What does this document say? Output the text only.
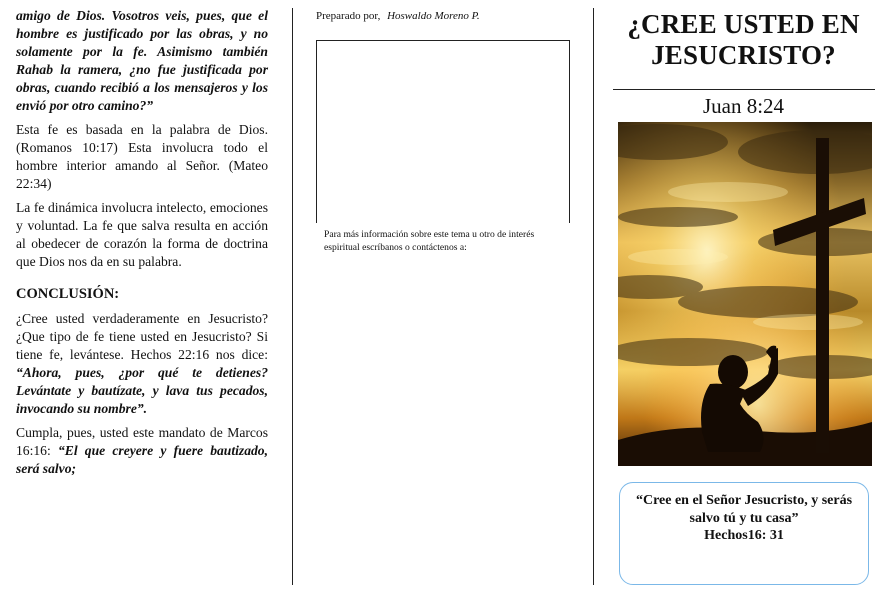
amigo de Dios. Vosotros veis, pues, que el hombre es justificado por las obras, y no solamente por la fe. Asimismo también Rahab la ramera, ¿no fue justificada por obras, cuando recibió a los mensajeros y los envió por otro camino?”

Esta fe es basada en la palabra de Dios. (Romanos 10:17) Esta involucra todo el hombre interior amando al Señor. (Mateo 22:34)

La fe dinámica involucra intelecto, emociones y voluntad. La fe que salva resulta en acción al obedecer de corazón la forma de doctrina que Dios nos da en su palabra.

CONCLUSIÓN:

¿Cree usted verdaderamente en Jesucristo? ¿Que tipo de fe tiene usted en Jesucristo? Si tiene fe, levántese. Hechos 22:16 nos dice: “Ahora, pues, ¿por qué te detienes? Levántate y bautízate, y lava tus pecados, invocando su nombre”.

Cumpla, pues, usted este mandato de Marcos 16:16: “El que creyere y fuere bautizado, será salvo;

Preparado por, Hoswaldo Moreno P.
Para más información sobre este tema u otro de interés espiritual escríbanos o contáctenos a:
¿CREE USTED EN
JESUCRISTO?
Juan 8:24
“Cree en el Señor Jesucristo, y serás salvo tú y tu casa”
Hechos16: 31
